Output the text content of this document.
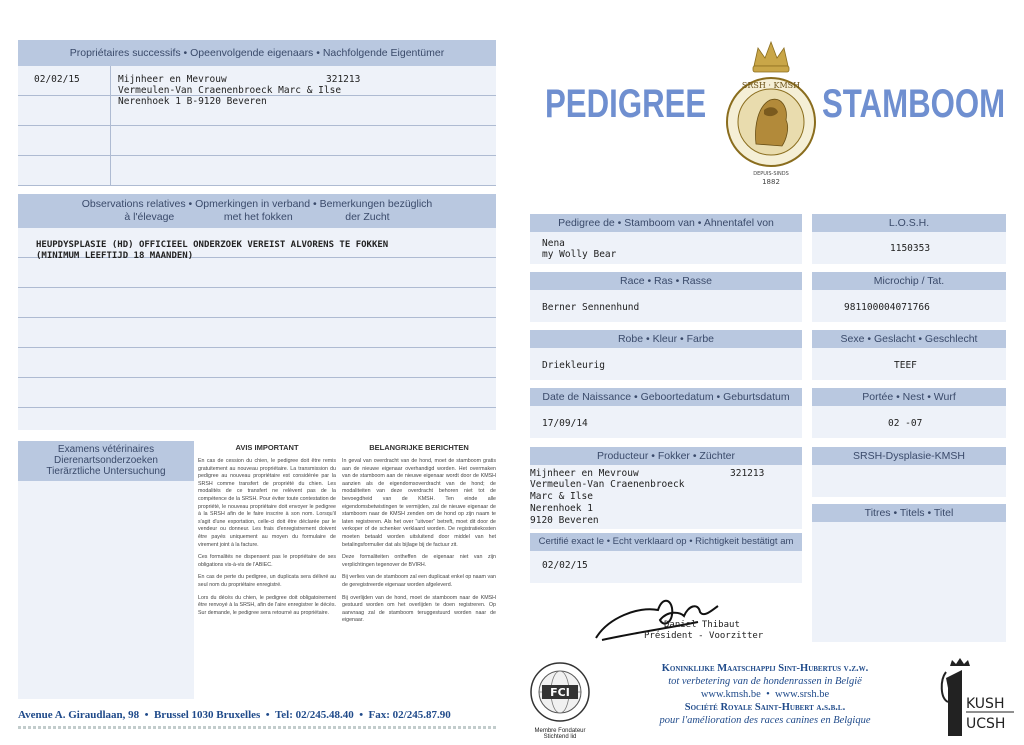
Propriétaires successifs • Opeenvolgende eigenaars • Nachfolgende Eigentümer
02/02/15	Mijnheer en Mevrouw	321213
Vermeulen-Van Craenenbroeck Marc & Ilse
Nerenhoek 1 B-9120 Beveren
Observations relatives • Opmerkingen in verband • Bemerkungen bezüglich
à l'élevage                 met het fokken                  der Zucht
HEUPDYSPLASIE (HD) OFFICIEEL ONDERZOEK VEREIST ALVORENS TE FOKKEN
(MINIMUM LEEFTIJD 18 MAANDEN)
Examens vétérinaires
Dierenartsonderzoeken
Tierärztliche Untersuchung
AVIS IMPORTANT

En cas de cession du chien, le pedigree doit être remis gratuitement au nouveau propriétaire. La transmission du pedigree au nouveau propriétaire est considérée par la SRSH comme transfert de propriété du chien. Les modalités de ce transfert ne relèvent pas de la compétence de la SRSH. Pour éviter toute contestation de propriété, le nouveau propriétaire doit envoyer le pedigree à la SRSH afin de le faire inscrire à son nom. Lorsqu'il s'agit d'une exportation, celle-ci doit être déclarée par le vendeur ou donneur. Les frais d'enregistrement doivent être payés uniquement au moyen du formulaire de virement joint à la facture.

Ces formalités ne dispensent pas le propriétaire de ses obligations vis-à-vis de l'ABIEC.

En cas de perte du pedigree, un duplicata sera délivré au seul nom du propriétaire enregistré.

Lors du décès du chien, le pedigree doit obligatoirement être renvoyé à la SRSH, afin de l'aire enregistrer le décès. Sur demande, le pedigree sera retourné au propriétaire.

BELANGRIJKE BERICHTEN

In geval van overdracht van de hond, moet de stamboom gratis aan de nieuwe eigenaar overhandigd worden. Het overmaken van de stamboom aan de nieuwe eigenaar wordt door de KMSH aanzien als de eigendomsoverdracht van de hond; de modaliteiten van deze overdracht behoren niet tot de bevoegdheid van de KMSH. Ten einde alle eigendomsbetwistingen te vermijden, zal de nieuwe eigenaar de stamboom naar de KMSH zenden om de hond op zijn naam te laten registreren. Als het over "uitvoer" betreft, moet dit door de verkoper of de schenker verklaard worden. De registratiekosten moeten betaald worden uitsluitend door middel van het betalingsformulier dat als bijlage bij de factuur zit.

Deze formaliteiten ontheffen de eigenaar niet van zijn verplichtingen tegenover de BVIRH.

Bij verlies van de stamboom zal een duplicaat enkel op naam van de geregistreerde eigenaar worden afgeleverd.

Bij overlijden van de hond, moet de stamboom naar de KMSH gestuurd worden om het overlijden te doen registreren. Op aanvraag zal de stamboom teruggestuurd worden naar de eigenaar.

Avenue A. Giraudlaan, 98  •  Brussel 1030 Bruxelles  •  Tel: 02/245.48.40  •  Fax: 02/245.87.90
PEDIGREE	STAMBOOM
SRSH · KMSH
DEPUIS-SINDS
1882
Pedigree de • Stamboom van • Ahnentafel von
Nena
my Wolly Bear
L.O.S.H.
1150353
Race • Ras • Rasse
Berner Sennenhund
Microchip / Tat.
981100004071766
Robe • Kleur • Farbe
Driekleurig
Sexe • Geslacht • Geschlecht
TEEF
Date de Naissance • Geboortedatum • Geburtsdatum
17/09/14
Portée • Nest • Wurf
02 -07
Producteur • Fokker • Züchter
Mijnheer en Mevrouw	321213
Vermeulen-Van Craenenbroeck
Marc & Ilse
Nerenhoek 1
9120 Beveren
SRSH-Dysplasie-KMSH
Titres • Titels • Titel
Certifié exact le • Echt verklaard op • Richtigkeit bestätigt am
02/02/15
Daniel Thibaut
Président - Voorzitter
FCI
Membre Fondateur
Stichtend lid
Koninklijke Maatschappij Sint-Hubertus v.z.w.
tot verbetering van de hondenrassen in België
www.kmsh.be  •  www.srsh.be
Société Royale Saint-Hubert a.s.b.l.
pour l'amélioration des races canines en Belgique
KUSH
UCSH
